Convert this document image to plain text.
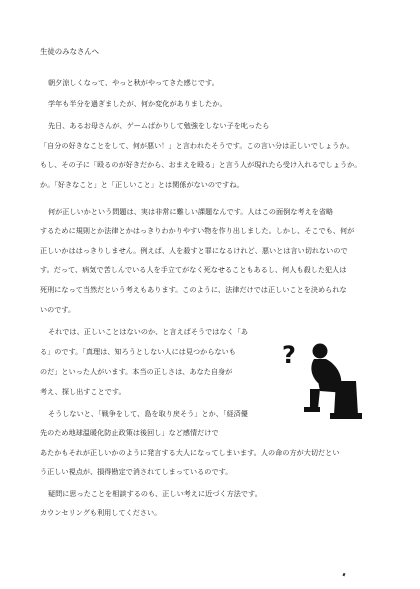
生徒のみなさんへ
朝夕涼しくなって、やっと秋がやってきた感じです。
学年も半分を過ぎましたが、何か変化がありましたか。
先日、あるお母さんが、ゲームばかりして勉強をしない子を叱ったら
「自分の好きなことをして、何が悪い！」と言われたそうです。この言い分は正しいでしょうか。
もし、その子に「殴るのが好きだから、おまえを殴る」と言う人が現れたら受け入れるでしょうか。
か。「好きなこと」と「正しいこと」とは関係がないのですね。
何が正しいかという問題は、実は非常に難しい課題なんです。人はこの面倒な考えを省略
するために規則とか法律とかはっきりわかりやすい物を作り出しました。しかし、そこでも、何が
正しいかははっきりしません。例えば、人を殺すと罪になるけれど、悪いとは言い切れないので
す。だって、病気で苦しんでいる人を手立てがなく死なせることもあるし、何人も殺した犯人は
死刑になって当然だという考えもあります。このように、法律だけでは正しいことを決められな
いのです。
それでは、正しいことはないのか、と言えばそうではなく「あ
る」のです。「真理は、知ろうとしない人には見つからないも
のだ」といった人がいます。本当の正しさは、あなた自身が
考え、探し出すことです。
そうしないと、「戦争をして、島を取り戻そう」とか、「経済優
先のため地球温暖化防止政策は後回し」など感情だけで
あたかもそれが正しいかのように発言する大人になってしまいます。人の命の方が大切だとい
う正しい視点が、損得勘定で消されてしまっているのです。
疑問に思ったことを相談するのも、正しい考えに近づく方法です。
カウンセリングも利用してください。
?
